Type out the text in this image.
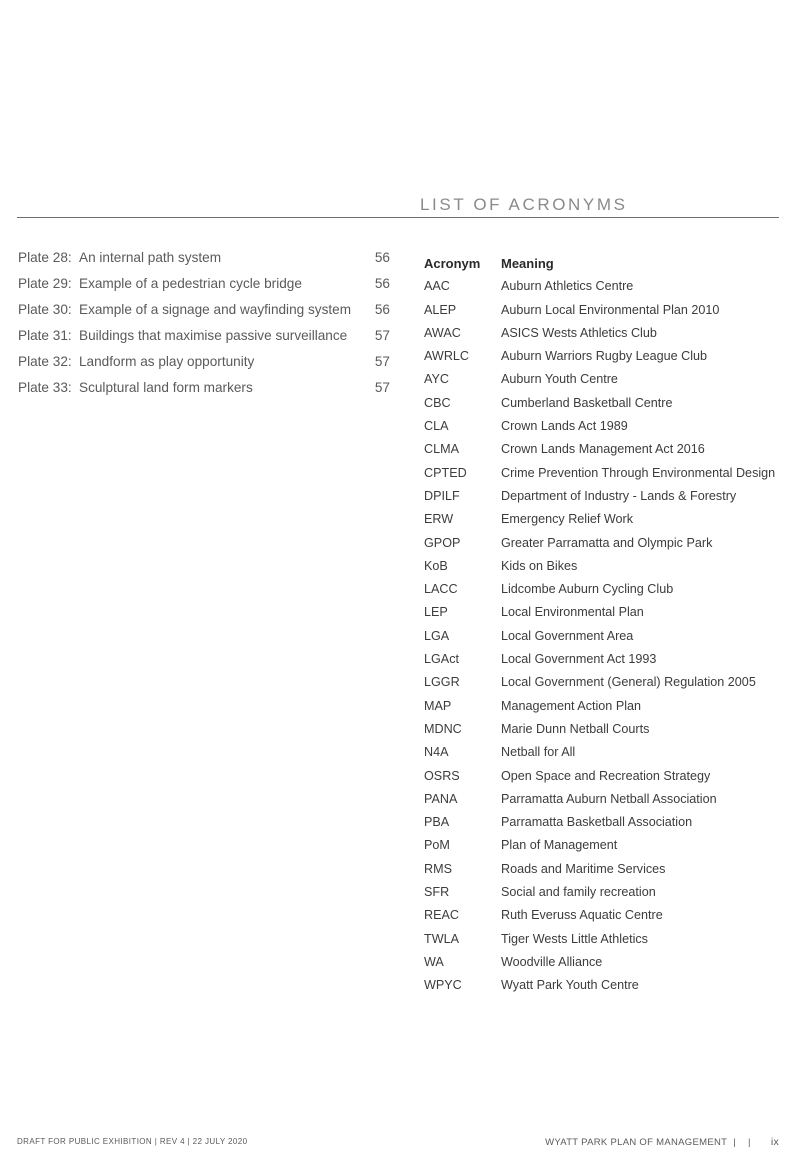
LIST OF ACRONYMS
Plate 28: An internal path system	56
Plate 29: Example of a pedestrian cycle bridge	56
Plate 30: Example of a signage and wayfinding system	56
Plate 31: Buildings that maximise passive surveillance	57
Plate 32: Landform as play opportunity	57
Plate 33: Sculptural land form markers	57
Acronym	Meaning
AAC	Auburn Athletics Centre
ALEP	Auburn Local Environmental Plan 2010
AWAC	ASICS Wests Athletics Club
AWRLC	Auburn Warriors Rugby League Club
AYC	Auburn Youth Centre
CBC	Cumberland Basketball Centre
CLA	Crown Lands Act 1989
CLMA	Crown Lands Management Act 2016
CPTED	Crime Prevention Through Environmental Design
DPILF	Department of Industry - Lands & Forestry
ERW	Emergency Relief Work
GPOP	Greater Parramatta and Olympic Park
KoB	Kids on Bikes
LACC	Lidcombe Auburn Cycling Club
LEP	Local Environmental Plan
LGA	Local Government Area
LGAct	Local Government Act 1993
LGGR	Local Government (General) Regulation 2005
MAP	Management Action Plan
MDNC	Marie Dunn Netball Courts
N4A	Netball for All
OSRS	Open Space and Recreation Strategy
PANA	Parramatta Auburn Netball Association
PBA	Parramatta Basketball Association
PoM	Plan of Management
RMS	Roads and Maritime Services
SFR	Social and family recreation
REAC	Ruth Everuss Aquatic Centre
TWLA	Tiger Wests Little Athletics
WA	Woodville Alliance
WPYC	Wyatt Park Youth Centre
DRAFT FOR PUBLIC EXHIBITION | REV 4 | 22 JULY 2020	WYATT PARK PLAN OF MANAGEMENT | | ix
